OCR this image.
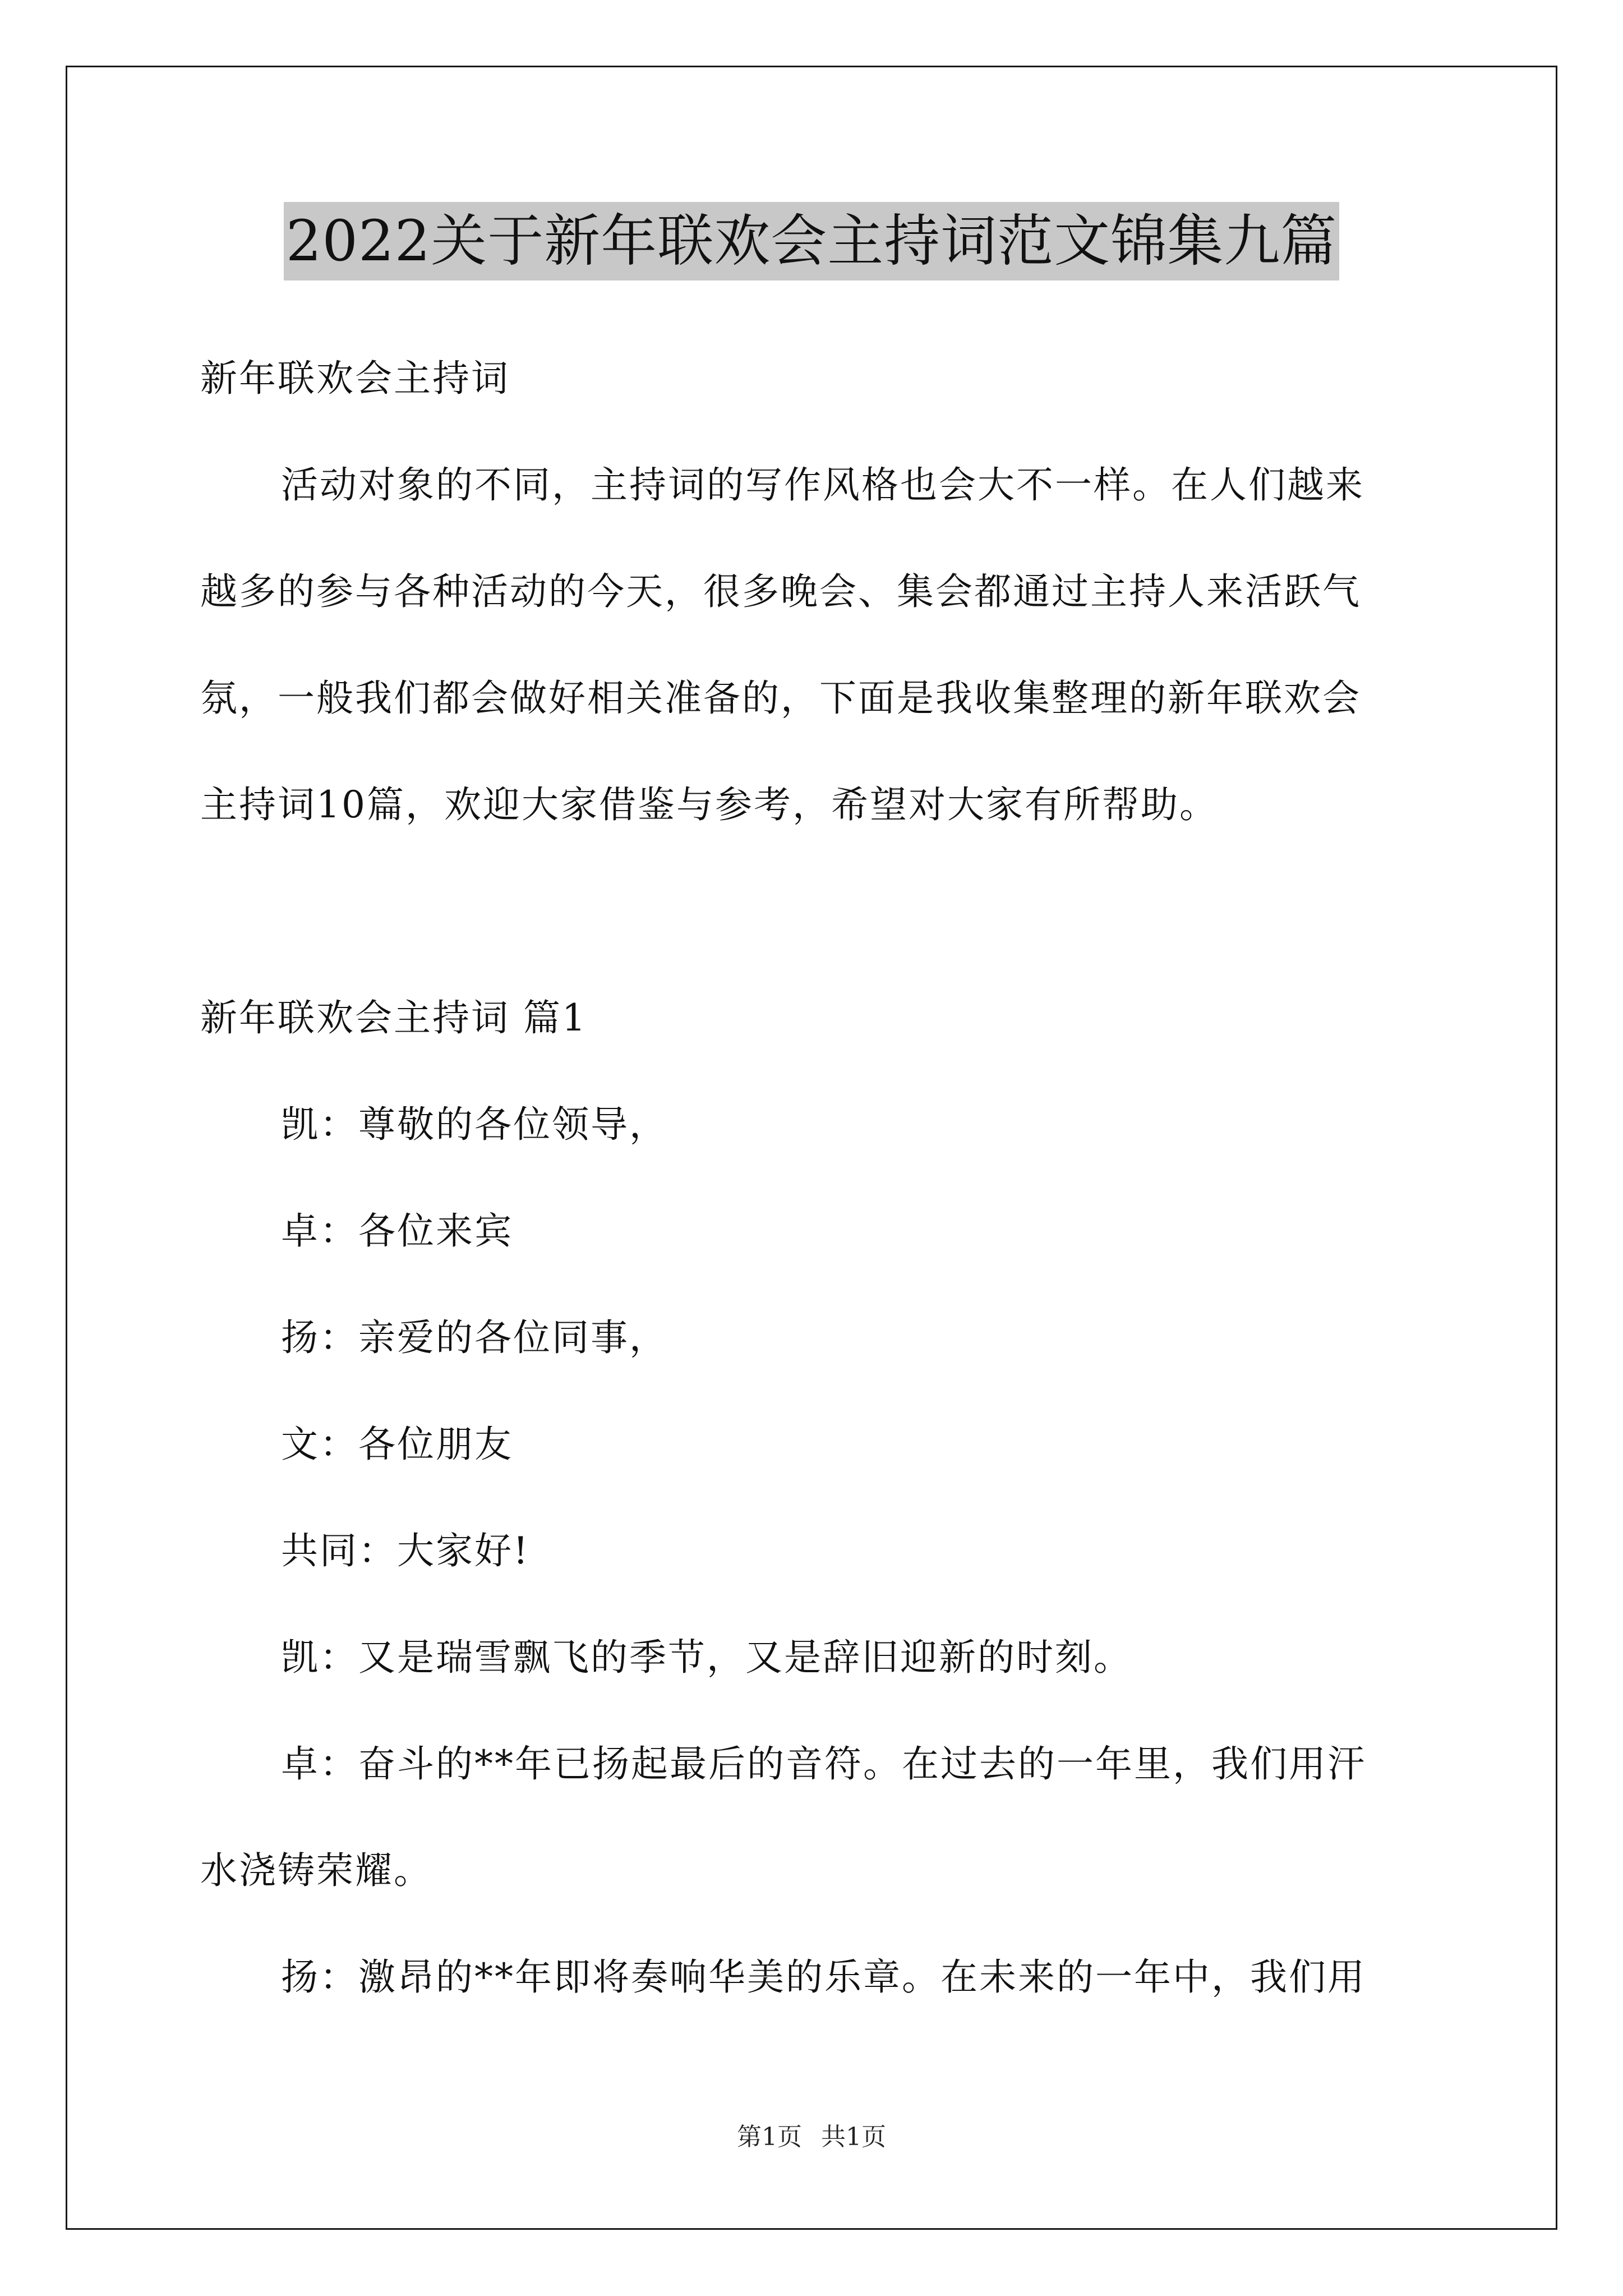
2022关于新年联欢会主持词范文锦集九篇
新年联欢会主持词
活动对象的不同，主持词的写作风格也会大不一样。在人们越来
越多的参与各种活动的今天，很多晚会、集会都通过主持人来活跃气
氛，一般我们都会做好相关准备的，下面是我收集整理的新年联欢会
主持词10篇，欢迎大家借鉴与参考，希望对大家有所帮助。
新年联欢会主持词 篇1
凯：尊敬的各位领导，
卓：各位来宾
扬：亲爱的各位同事，
文：各位朋友
共同：大家好!
凯：又是瑞雪飘飞的季节，又是辞旧迎新的时刻。
卓：奋斗的**年已扬起最后的音符。在过去的一年里，我们用汗
水浇铸荣耀。
扬：激昂的**年即将奏响华美的乐章。在未来的一年中，我们用
第1页 共1页
